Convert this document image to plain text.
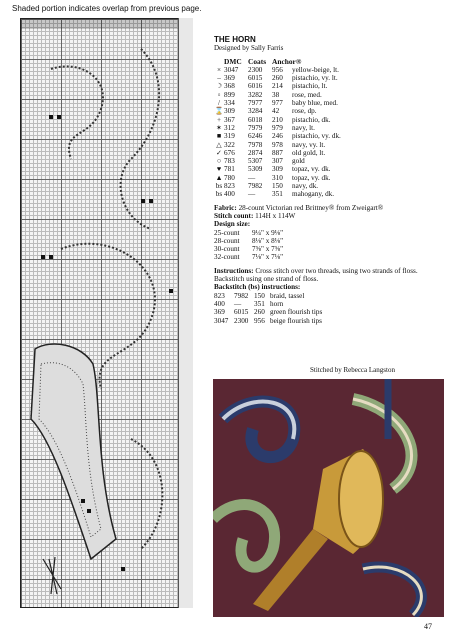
Shaded portion indicates overlap from previous page.
THE HORN
Designed by Sally Farris
DMC Coats Anchor®
× 3047	2300	956	yellow-beige, lt.
– 369	6015	260	pistachio, vy. lt.
☽ 368	6016	214	pistachio, lt.
▫ 899	3282	38	rose, med.
/ 334	7977	977	baby blue, med.
⌛ 309	3284	42	rose, dp.
+ 367	6018	210	pistachio, dk.
✶ 312	7979	979	navy, lt.
■ 319	6246	246	pistachio, vy. dk.
△ 322	7978	978	navy, vy. lt.
✓ 676	2874	887	old gold, lt.
○ 783	5307	307	gold
♥ 781	5309	309	topaz, vy. dk.
▲ 780	—	310	topaz, vy. dk.
bs 823	7982	150	navy, dk.
bs 400	—	351	mahogany, dk.
Fabric: 28-count Victorian red Brittney® from Zweigart®
Stitch count: 114H x 114W
Design size:
25-count	9¼" x 9⅛"
28-count	8⅛" x 8⅛"
30-count	7⅝" x 7⅝"
32-count	7⅛" x 7⅛"
Instructions: Cross stitch over two threads, using two strands of floss. Backstitch using one strand of floss.
Backstitch (bs) instructions:
823	7982 150 braid, tassel
400	—	351 horn
369	6015 260 green flourish tips
3047 2300 956 beige flourish tips
Stitched by Rebecca Langston
47
